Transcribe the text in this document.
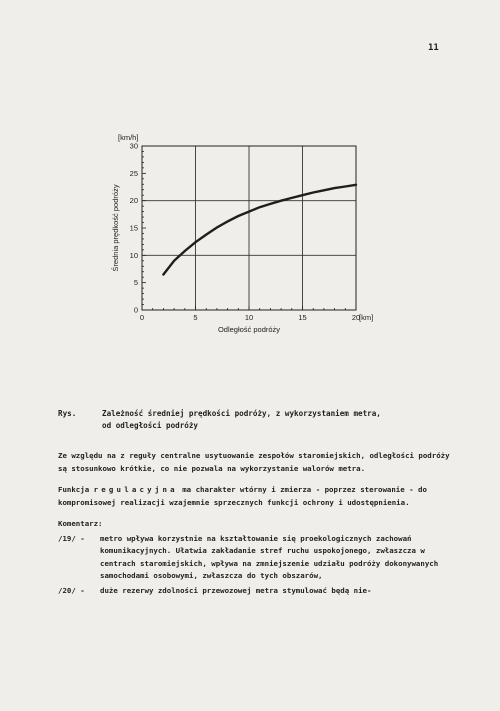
11
0	5	10	15	20
0
5
10
15
20
25
30
[km/h]
[km]
Odległość podróży
Średnia prędkość podróży
Rys.	Zależność średniej prędkości podróży, z wykorzystaniem metra,
od odległości podróży

Ze względu na z reguły centralne usytuowanie zespołów staromiejskich, odległości podróży są stosunkowo krótkie, co nie pozwala na wykorzystanie walorów metra.

Funkcja regulacyjna ma charakter wtórny i zmierza - poprzez sterowanie - do kompromisowej realizacji wzajemnie sprzecznych funkcji ochrony i udostępnienia.

Komentarz:

/19/ - metro wpływa korzystnie na kształtowanie się proekologicznych zachowań komunikacyjnych. Ułatwia zakładanie stref ruchu uspokojonego, zwłaszcza w centrach staromiejskich, wpływa na zmniejszenie udziału podróży dokonywanych samochodami osobowymi, zwłaszcza do tych obszarów,
/20/ - duże rezerwy zdolności przewozowej metra stymulować będą nie-
